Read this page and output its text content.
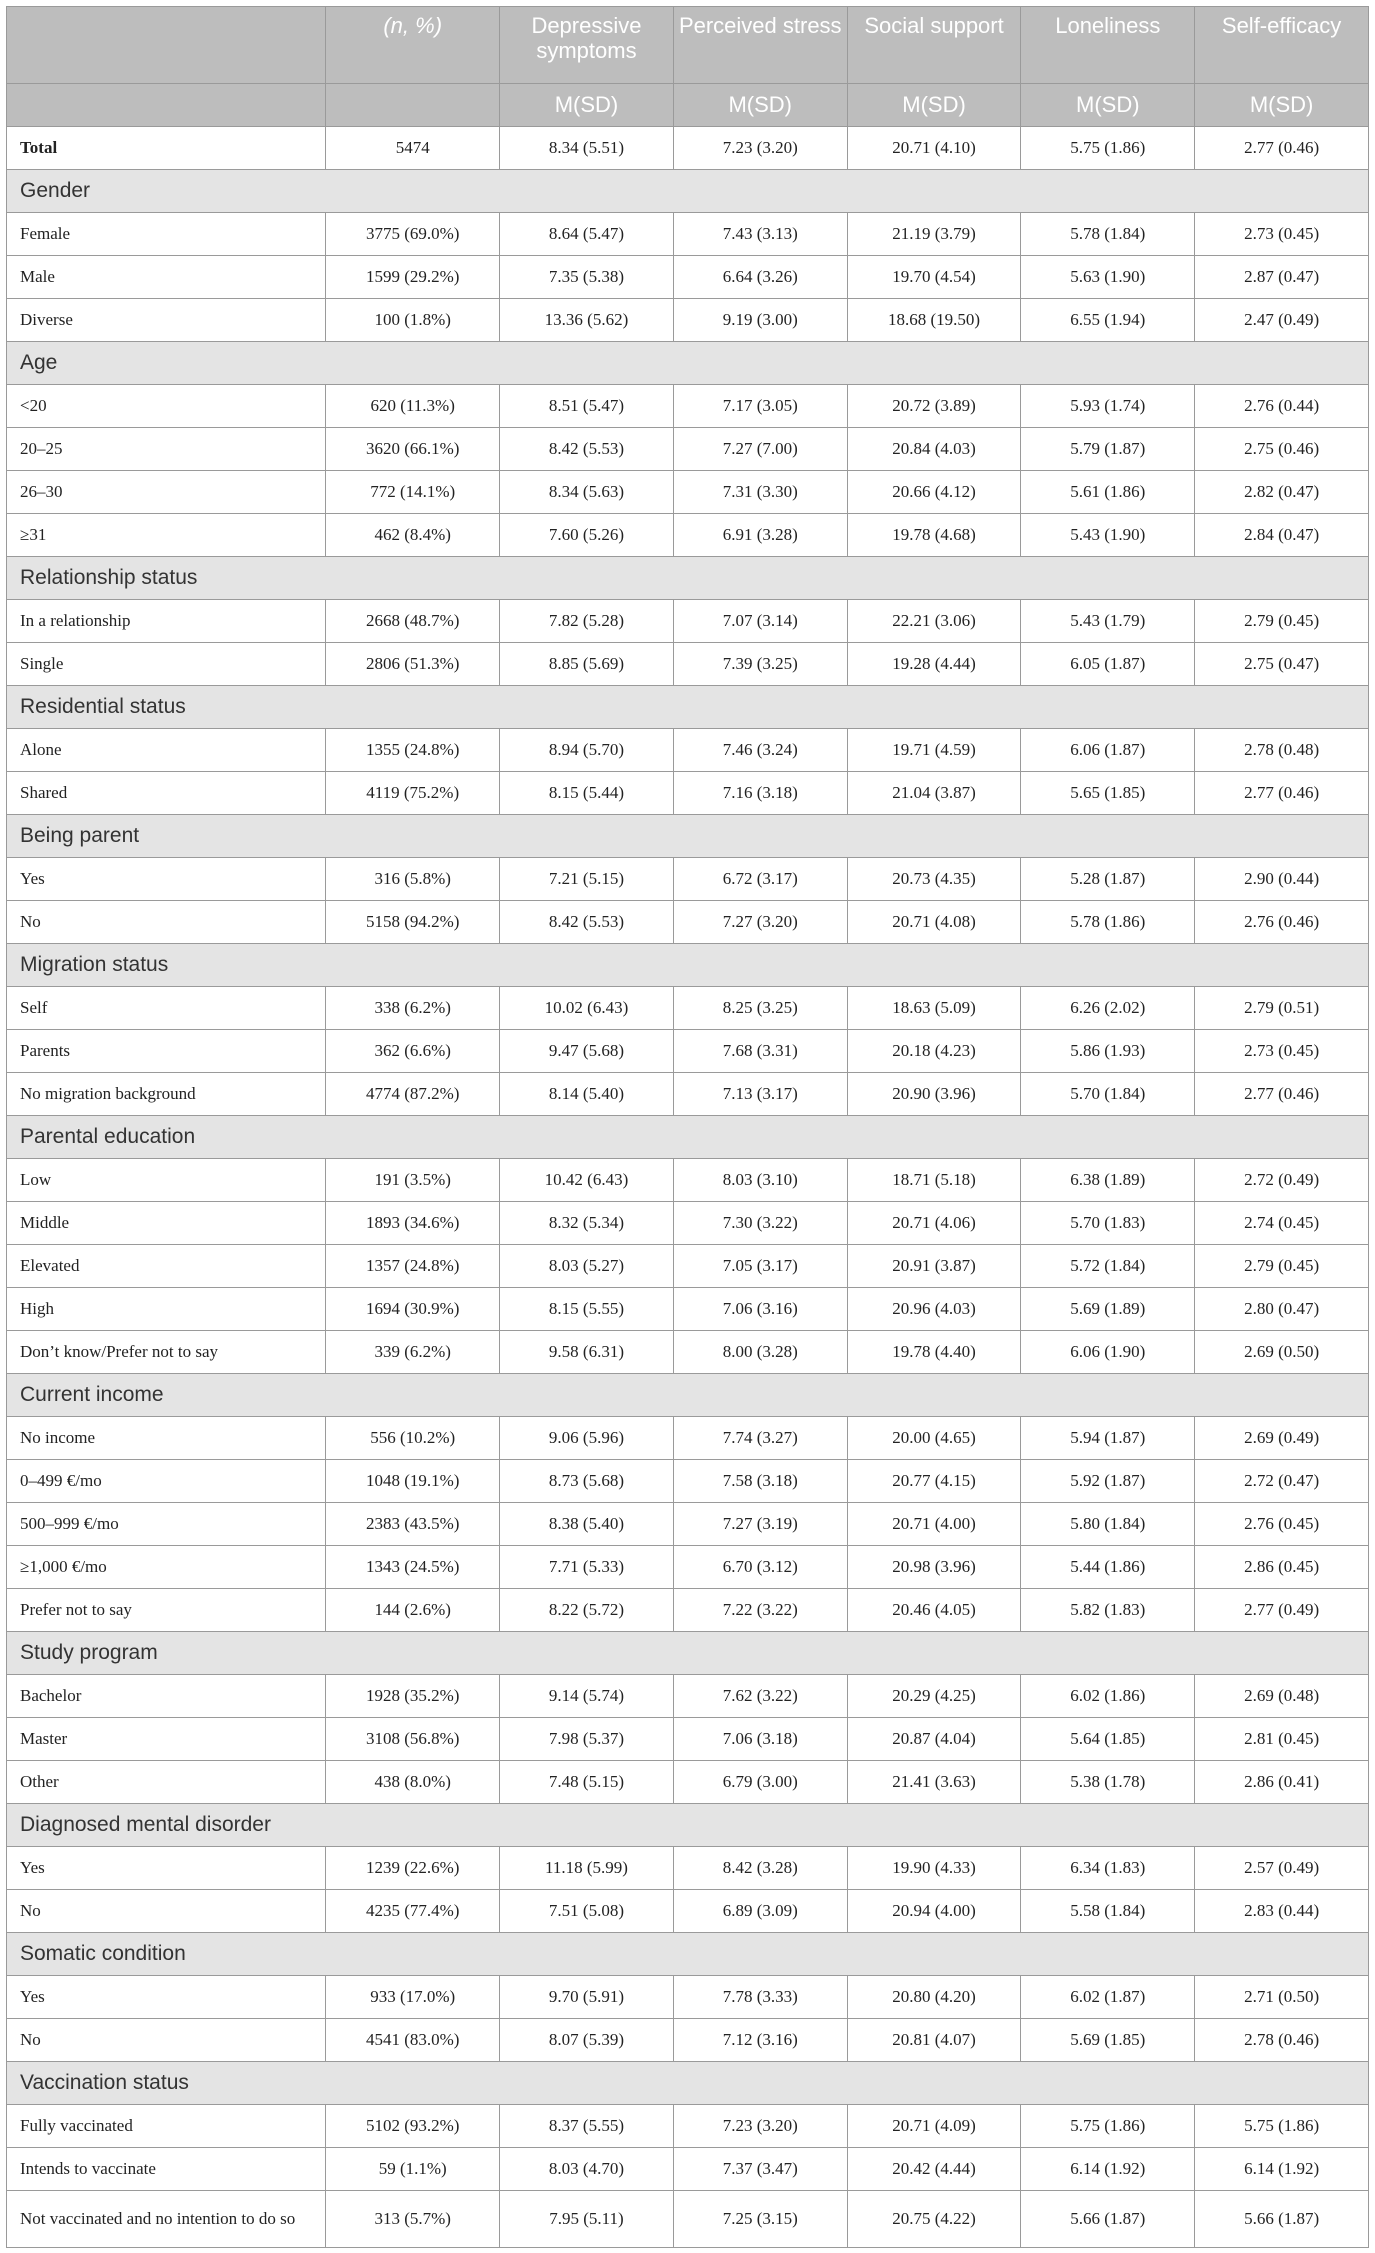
	(n, %)	Depressive symptoms	Perceived stress	Social support	Loneliness	Self-efficacy
		M(SD)	M(SD)	M(SD)	M(SD)	M(SD)
Total	5474	8.34 (5.51)	7.23 (3.20)	20.71 (4.10)	5.75 (1.86)	2.77 (0.46)
Gender						
Female	3775 (69.0%)	8.64 (5.47)	7.43 (3.13)	21.19 (3.79)	5.78 (1.84)	2.73 (0.45)
Male	1599 (29.2%)	7.35 (5.38)	6.64 (3.26)	19.70 (4.54)	5.63 (1.90)	2.87 (0.47)
Diverse	100 (1.8%)	13.36 (5.62)	9.19 (3.00)	18.68 (19.50)	6.55 (1.94)	2.47 (0.49)
Age						
<20	620 (11.3%)	8.51 (5.47)	7.17 (3.05)	20.72 (3.89)	5.93 (1.74)	2.76 (0.44)
20–25	3620 (66.1%)	8.42 (5.53)	7.27 (7.00)	20.84 (4.03)	5.79 (1.87)	2.75 (0.46)
26–30	772 (14.1%)	8.34 (5.63)	7.31 (3.30)	20.66 (4.12)	5.61 (1.86)	2.82 (0.47)
≥31	462 (8.4%)	7.60 (5.26)	6.91 (3.28)	19.78 (4.68)	5.43 (1.90)	2.84 (0.47)
Relationship status						
In a relationship	2668 (48.7%)	7.82 (5.28)	7.07 (3.14)	22.21 (3.06)	5.43 (1.79)	2.79 (0.45)
Single	2806 (51.3%)	8.85 (5.69)	7.39 (3.25)	19.28 (4.44)	6.05 (1.87)	2.75 (0.47)
Residential status						
Alone	1355 (24.8%)	8.94 (5.70)	7.46 (3.24)	19.71 (4.59)	6.06 (1.87)	2.78 (0.48)
Shared	4119 (75.2%)	8.15 (5.44)	7.16 (3.18)	21.04 (3.87)	5.65 (1.85)	2.77 (0.46)
Being parent						
Yes	316 (5.8%)	7.21 (5.15)	6.72 (3.17)	20.73 (4.35)	5.28 (1.87)	2.90 (0.44)
No	5158 (94.2%)	8.42 (5.53)	7.27 (3.20)	20.71 (4.08)	5.78 (1.86)	2.76 (0.46)
Migration status						
Self	338 (6.2%)	10.02 (6.43)	8.25 (3.25)	18.63 (5.09)	6.26 (2.02)	2.79 (0.51)
Parents	362 (6.6%)	9.47 (5.68)	7.68 (3.31)	20.18 (4.23)	5.86 (1.93)	2.73 (0.45)
No migration background	4774 (87.2%)	8.14 (5.40)	7.13 (3.17)	20.90 (3.96)	5.70 (1.84)	2.77 (0.46)
Parental education						
Low	191 (3.5%)	10.42 (6.43)	8.03 (3.10)	18.71 (5.18)	6.38 (1.89)	2.72 (0.49)
Middle	1893 (34.6%)	8.32 (5.34)	7.30 (3.22)	20.71 (4.06)	5.70 (1.83)	2.74 (0.45)
Elevated	1357 (24.8%)	8.03 (5.27)	7.05 (3.17)	20.91 (3.87)	5.72 (1.84)	2.79 (0.45)
High	1694 (30.9%)	8.15 (5.55)	7.06 (3.16)	20.96 (4.03)	5.69 (1.89)	2.80 (0.47)
Don’t know/Prefer not to say	339 (6.2%)	9.58 (6.31)	8.00 (3.28)	19.78 (4.40)	6.06 (1.90)	2.69 (0.50)
Current income						
No income	556 (10.2%)	9.06 (5.96)	7.74 (3.27)	20.00 (4.65)	5.94 (1.87)	2.69 (0.49)
0–499 €/mo	1048 (19.1%)	8.73 (5.68)	7.58 (3.18)	20.77 (4.15)	5.92 (1.87)	2.72 (0.47)
500–999 €/mo	2383 (43.5%)	8.38 (5.40)	7.27 (3.19)	20.71 (4.00)	5.80 (1.84)	2.76 (0.45)
≥1,000 €/mo	1343 (24.5%)	7.71 (5.33)	6.70 (3.12)	20.98 (3.96)	5.44 (1.86)	2.86 (0.45)
Prefer not to say	144 (2.6%)	8.22 (5.72)	7.22 (3.22)	20.46 (4.05)	5.82 (1.83)	2.77 (0.49)
Study program						
Bachelor	1928 (35.2%)	9.14 (5.74)	7.62 (3.22)	20.29 (4.25)	6.02 (1.86)	2.69 (0.48)
Master	3108 (56.8%)	7.98 (5.37)	7.06 (3.18)	20.87 (4.04)	5.64 (1.85)	2.81 (0.45)
Other	438 (8.0%)	7.48 (5.15)	6.79 (3.00)	21.41 (3.63)	5.38 (1.78)	2.86 (0.41)
Diagnosed mental disorder						
Yes	1239 (22.6%)	11.18 (5.99)	8.42 (3.28)	19.90 (4.33)	6.34 (1.83)	2.57 (0.49)
No	4235 (77.4%)	7.51 (5.08)	6.89 (3.09)	20.94 (4.00)	5.58 (1.84)	2.83 (0.44)
Somatic condition						
Yes	933 (17.0%)	9.70 (5.91)	7.78 (3.33)	20.80 (4.20)	6.02 (1.87)	2.71 (0.50)
No	4541 (83.0%)	8.07 (5.39)	7.12 (3.16)	20.81 (4.07)	5.69 (1.85)	2.78 (0.46)
Vaccination status						
Fully vaccinated	5102 (93.2%)	8.37 (5.55)	7.23 (3.20)	20.71 (4.09)	5.75 (1.86)	5.75 (1.86)
Intends to vaccinate	59 (1.1%)	8.03 (4.70)	7.37 (3.47)	20.42 (4.44)	6.14 (1.92)	6.14 (1.92)
Not vaccinated and no intention to do so	313 (5.7%)	7.95 (5.11)	7.25 (3.15)	20.75 (4.22)	5.66 (1.87)	5.66 (1.87)
